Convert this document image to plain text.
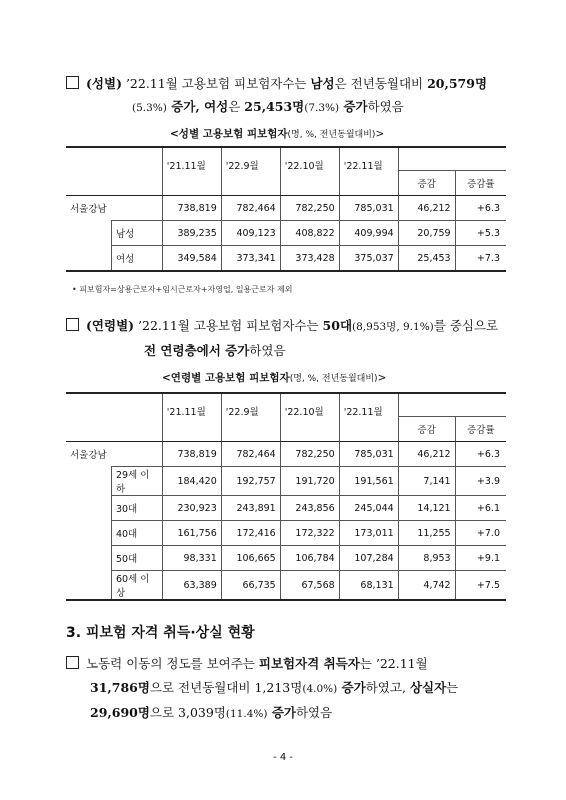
(성별) ’22.11월 고용보험 피보험자수는 남성은 전년동월대비 20,579명
(5.3%) 증가, 여성은 25,453명(7.3%) 증가하였음
<성별 고용보험 피보험자(명, %, 전년동월대비)>
		'21.11월	'22.9월	'22.10월	'22.11월		
						증감	증감률
서울강남		738,819	782,464	782,250	785,031	46,212	+6.3
	남성	389,235	409,123	408,822	409,994	20,759	+5.3
	여성	349,584	373,341	373,428	375,037	25,453	+7.3
• 피보험자=상용근로자+임시근로자+자영업, 일용근로자 제외
(연령별) ’22.11월 고용보험 피보험자수는 50대(8,953명, 9.1%)를 중심으로
전 연령층에서 증가하였음
<연령별 고용보험 피보험자(명, %, 전년동월대비)>
		'21.11월	'22.9월	'22.10월	'22.11월		
						증감	증감률
서울강남		738,819	782,464	782,250	785,031	46,212	+6.3
	29세 이하	184,420	192,757	191,720	191,561	7,141	+3.9
	30대	230,923	243,891	243,856	245,044	14,121	+6.1
	40대	161,756	172,416	172,322	173,011	11,255	+7.0
	50대	98,331	106,665	106,784	107,284	8,953	+9.1
	60세 이상	63,389	66,735	67,568	68,131	4,742	+7.5
3. 피보험 자격 취득·상실 현황
노동력 이동의 정도를 보여주는 피보험자격 취득자는 ’22.11월
31,786명으로 전년동월대비 1,213명(4.0%) 증가하였고, 상실자는
29,690명으로 3,039명(11.4%) 증가하였음
- 4 -
